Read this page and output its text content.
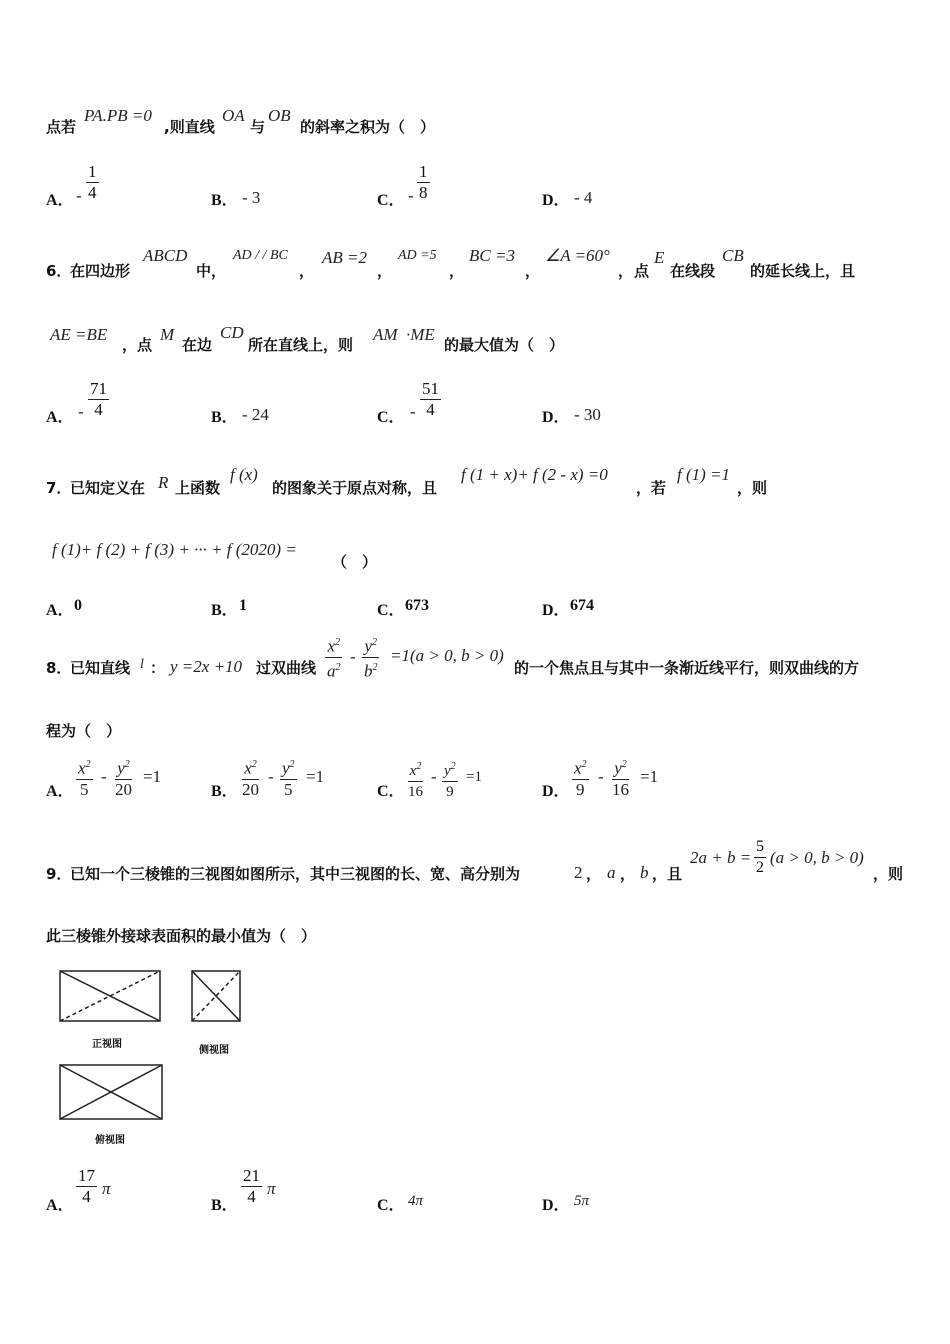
点若
PA.PB =0
,则直线
OA
与
OB
的斜率之积为（　）
A． - $\frac{1}{4}$	B． - 3	C． - $\frac{1}{8}$	D． - 4
6．
在四边形
ABCD
中，
AD / / BC
，
AB =2
，
AD =5
，
BC =3
，
∠A =60°
， 点
E
在线段
CB
的延长线上，且
AE =BE
，点
M
在边
CD
所在直线上，则
AM ·ME
的最大值为（　）
A． - $\frac{71}{4}$	B． - 24	C． - $\frac{51}{4}$	D． - 30
7．
已知定义在 R 上函数
f (x)
的图象关于原点对称，且
f (1 + x)+ f (2 - x) =0
，若
f (1) =1
，则
f (1)+ f (2) + f (3) + ··· + f (2020) =
（　）
A． 0	B． 1	C． 673	D． 674
8．
已知直线 l ： y =2x +10 过双曲线 $\frac{x^2}{a^2} - \frac{y^2}{b^2} =1(a > 0$, b > 0)
的一个焦点且与其中一条渐近线平行，则双曲线的方
程为（　）
A． $\frac{x^2}{5} - \frac{y^2}{20} =1$
B． $\frac{x^2}{20} - \frac{y^2}{5} =1$
C． $\frac{x^2}{16} - \frac{y^2}{9} =1$
D． $\frac{x^2}{9} - \frac{y^2}{16} =1$
9．
已知一个三棱锥的三视图如图所示，其中三视图的长、宽、高分别为	2 ， a ， b ，且
$2a + b = \frac{5}{2} (a > 0$, b > 0)
，则
此三棱锥外接球表面积的最小值为（　）
正视图
侧视图
俯视图
A． $\frac{17}{4}$ π
B． $\frac{21}{4}$ π
C． 4π	D． 5π
